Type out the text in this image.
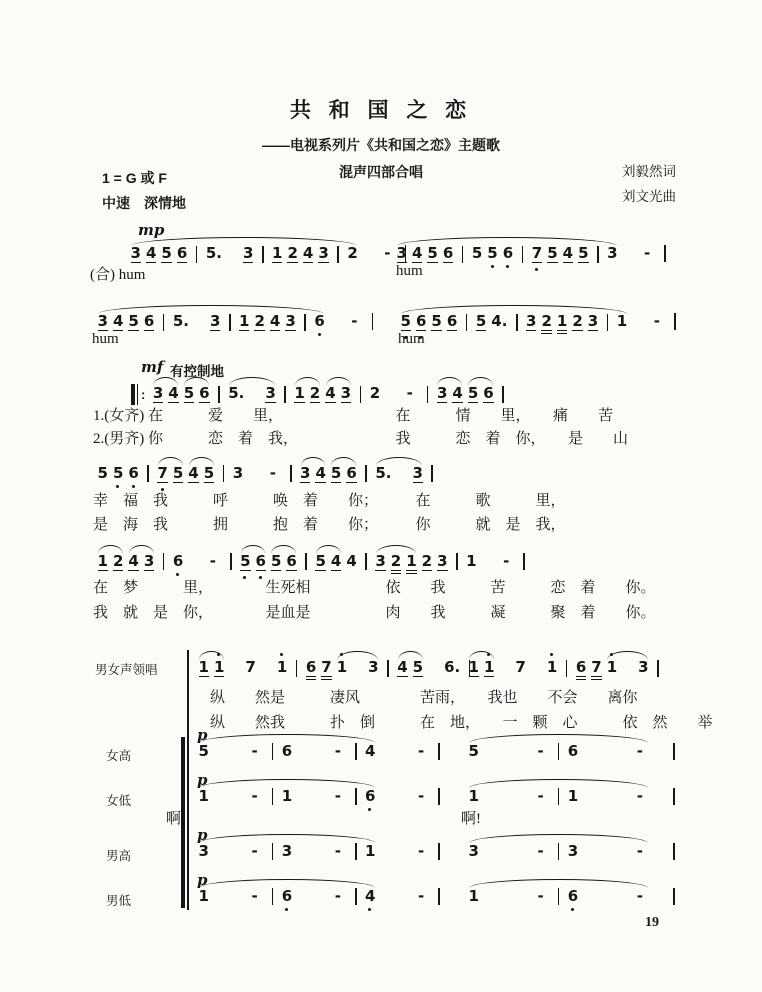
共 和 国 之 恋
——电视系列片《共和国之恋》主题歌
混声四部合唱	刘毅然词
刘文光曲
1 = G 或 F
中速　深情地
mp
3 4 5 6 5. 3 1 2 4 3 2 - 3 4 5 6 5 5 6 7 5 4 5 3 -
(合) hum	hum
3 4 5 6 5. 3 1 2 4 3 6 -	5 6 5 6 5 4. 3 2 1 2 3 1 -
hum	hum
mf 有控制地
: 3 4 5 6 5. 3 1 2 4 3 2 - 3 4 5 6
1.(女齐) 在　　　爱　　里，　　　　　　　　在　　　情　　里，　　痛　　苦
2.(男齐) 你　　　恋　着　我，　　　　　　　我　　　恋　着　你，　　是　　山
5 5 6 7 5 4 5 3 - 3 4 5 6 5. 3
幸　福　我　　　呼　　　唤　着　　你；　　　在　　　歌　　　里，
是　海　我　　　拥　　　抱　着　　你；　　　你　　　就　是　我，
1 2 4 3 6 - 5 6 5 6 5 4 4 3 2 1 2 3 1 -
在　梦　　　里，　　　　生死相　　　　　依　　我　　　苦　　　恋　着　　你。
我　就　是　你，　　　　是血是　　　　　肉　　我　　　凝　　　聚　着　　你。
男女声领唱	1 1 7 1 6 7 1 3 4 5 6. 1 1 7 1 6 7 1 3
　纵　　然是　　　凄风　　　　苦雨，　　我也　　不会　　离你
　纵　　然我　　　扑　倒　　　在　地，　　一　颗　心　　　依　然　　举
女高
p
5	- 6	- 4	-	5	- 6	-
女低
p
1	- 1	- 6	-	1	- 1	-
啊!	啊!
男高
p
3	- 3	- 1	-	3	- 3	-
男低
p
1	- 6	- 4	-	1	- 6	-
19
